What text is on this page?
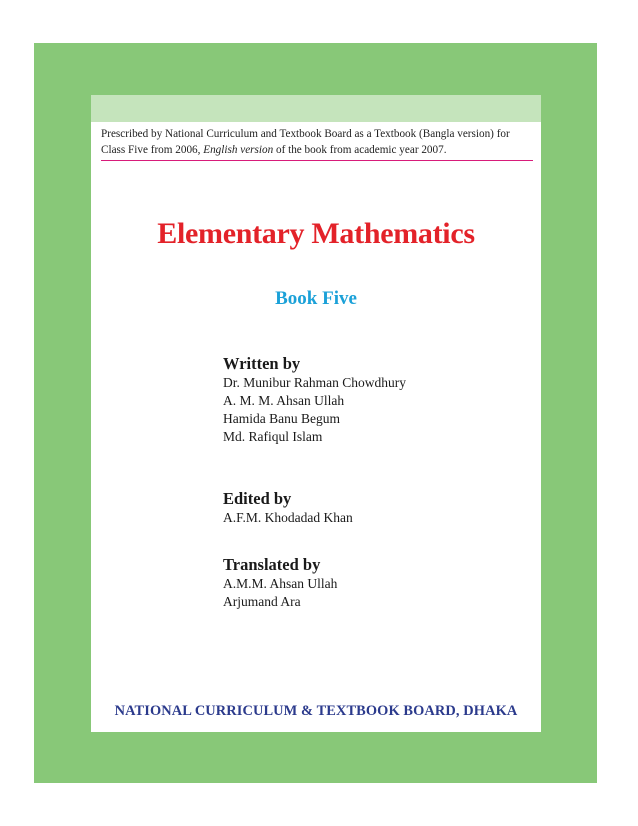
Prescribed by National Curriculum and Textbook Board as a Textbook (Bangla version) for
Class Five from 2006, English version of the book from academic year 2007.
Elementary Mathematics
Book Five
Written by
Dr. Munibur Rahman Chowdhury
A. M. M. Ahsan Ullah
Hamida Banu Begum
Md. Rafiqul Islam
Edited by
A.F.M. Khodadad Khan
Translated by
A.M.M. Ahsan Ullah
Arjumand Ara
NATIONAL CURRICULUM & TEXTBOOK BOARD, DHAKA
